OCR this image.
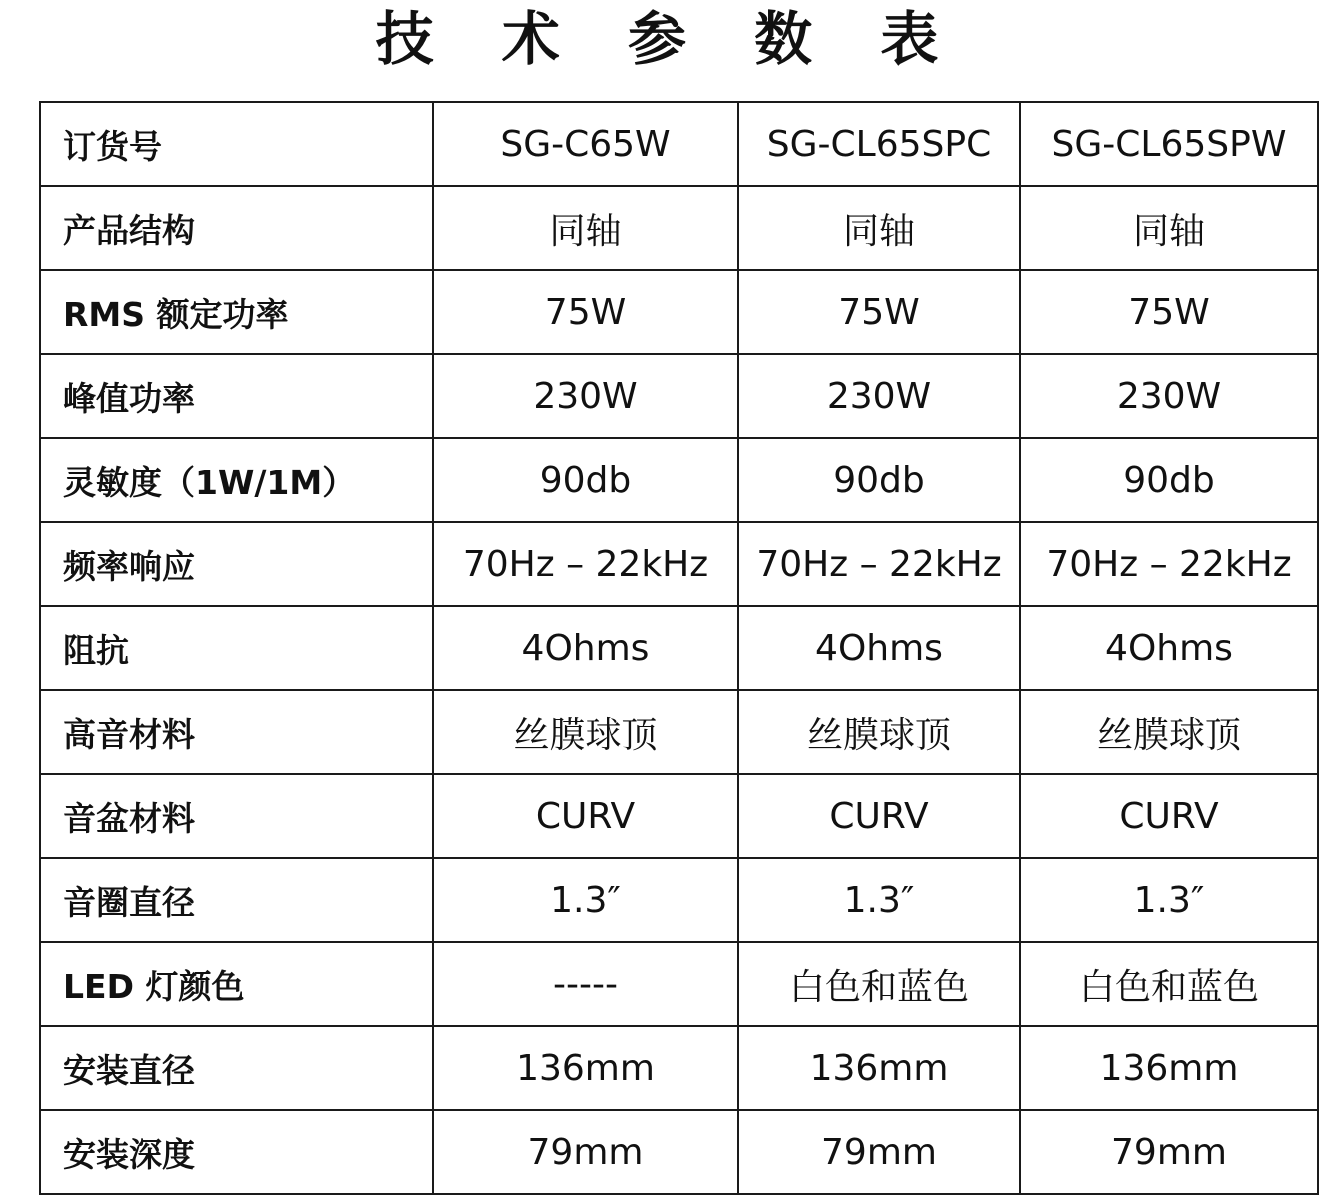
技 术 参 数 表
订货号	SG-C65W	SG-CL65SPC	SG-CL65SPW
产品结构	同轴	同轴	同轴
RMS 额定功率	75W	75W	75W
峰值功率	230W	230W	230W
灵敏度（1W/1M）	90db	90db	90db
频率响应	70Hz – 22kHz	70Hz – 22kHz	70Hz – 22kHz
阻抗	4Ohms	4Ohms	4Ohms
高音材料	丝膜球顶	丝膜球顶	丝膜球顶
音盆材料	CURV	CURV	CURV
音圈直径	1.3″	1.3″	1.3″
LED 灯颜色	-----	白色和蓝色	白色和蓝色
安装直径	136mm	136mm	136mm
安装深度	79mm	79mm	79mm
